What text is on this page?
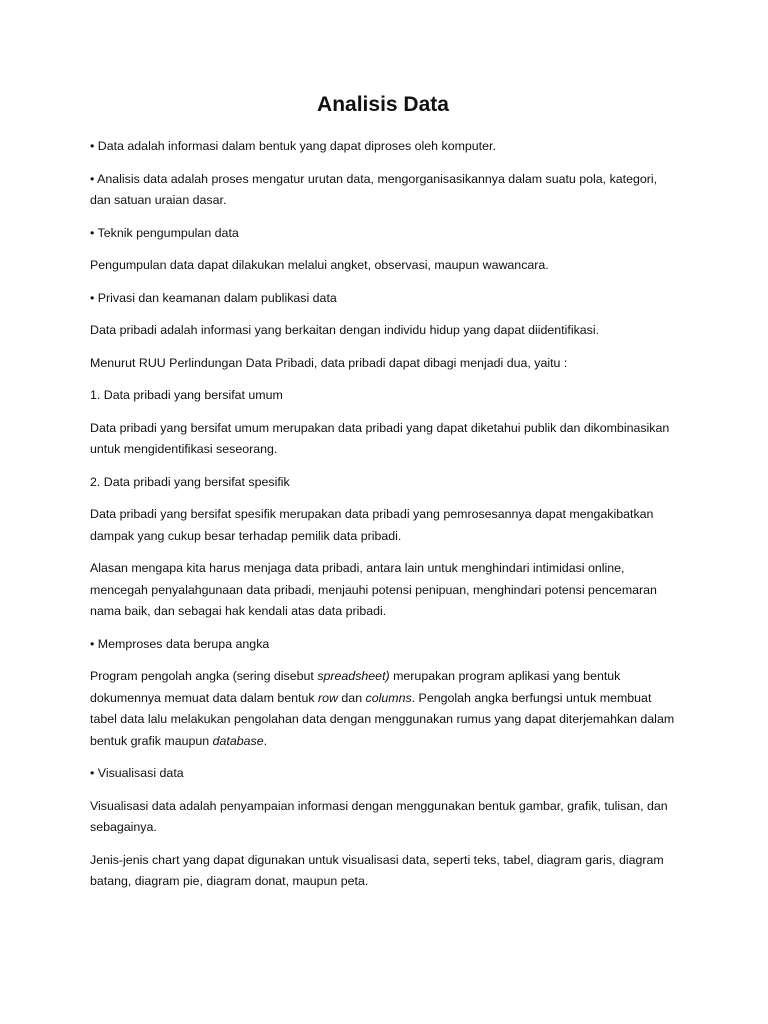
Analisis Data

• Data adalah informasi dalam bentuk yang dapat diproses oleh komputer.

• Analisis data adalah proses mengatur urutan data, mengorganisasikannya dalam suatu pola, kategori, dan satuan uraian dasar.

• Teknik pengumpulan data

Pengumpulan data dapat dilakukan melalui angket, observasi, maupun wawancara.

• Privasi dan keamanan dalam publikasi data

Data pribadi adalah informasi yang berkaitan dengan individu hidup yang dapat diidentifikasi.

Menurut RUU Perlindungan Data Pribadi, data pribadi dapat dibagi menjadi dua, yaitu :

1. Data pribadi yang bersifat umum

Data pribadi yang bersifat umum merupakan data pribadi yang dapat diketahui publik dan dikombinasikan untuk mengidentifikasi seseorang.

2. Data pribadi yang bersifat spesifik

Data pribadi yang bersifat spesifik merupakan data pribadi yang pemrosesannya dapat mengakibatkan dampak yang cukup besar terhadap pemilik data pribadi.

Alasan mengapa kita harus menjaga data pribadi, antara lain untuk menghindari intimidasi online, mencegah penyalahgunaan data pribadi, menjauhi potensi penipuan, menghindari potensi pencemaran nama baik, dan sebagai hak kendali atas data pribadi.

• Memproses data berupa angka

Program pengolah angka (sering disebut spreadsheet) merupakan program aplikasi yang bentuk dokumennya memuat data dalam bentuk row dan columns. Pengolah angka berfungsi untuk membuat tabel data lalu melakukan pengolahan data dengan menggunakan rumus yang dapat diterjemahkan dalam bentuk grafik maupun database.

• Visualisasi data

Visualisasi data adalah penyampaian informasi dengan menggunakan bentuk gambar, grafik, tulisan, dan sebagainya.

Jenis-jenis chart yang dapat digunakan untuk visualisasi data, seperti teks, tabel, diagram garis, diagram batang, diagram pie, diagram donat, maupun peta.
